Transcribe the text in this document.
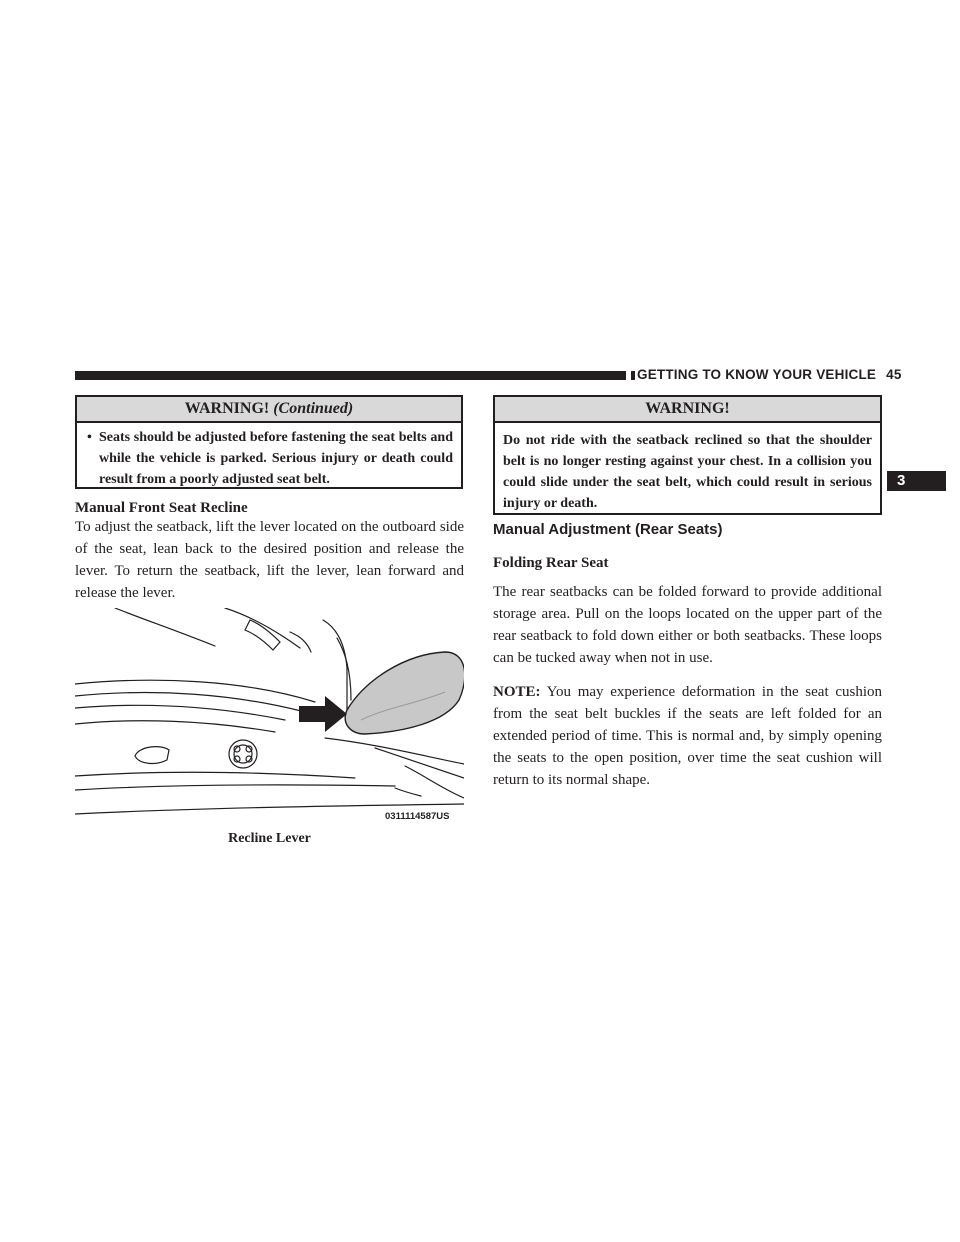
GETTING TO KNOW YOUR VEHICLE 45
3
WARNING! (Continued)
• Seats should be adjusted before fastening the seat belts and while the vehicle is parked. Serious injury or death could result from a poorly adjusted seat belt.
Manual Front Seat Recline
To adjust the seatback, lift the lever located on the outboard side of the seat, lean back to the desired position and release the lever. To return the seatback, lift the lever, lean forward and release the lever.
0311114587US
Recline Lever
WARNING!
Do not ride with the seatback reclined so that the shoulder belt is no longer resting against your chest. In a collision you could slide under the seat belt, which could result in serious injury or death.
Manual Adjustment (Rear Seats)
Folding Rear Seat
The rear seatbacks can be folded forward to provide additional storage area. Pull on the loops located on the upper part of the rear seatback to fold down either or both seatbacks. These loops can be tucked away when not in use.
NOTE: You may experience deformation in the seat cushion from the seat belt buckles if the seats are left folded for an extended period of time. This is normal and, by simply opening the seats to the open position, over time the seat cushion will return to its normal shape.
